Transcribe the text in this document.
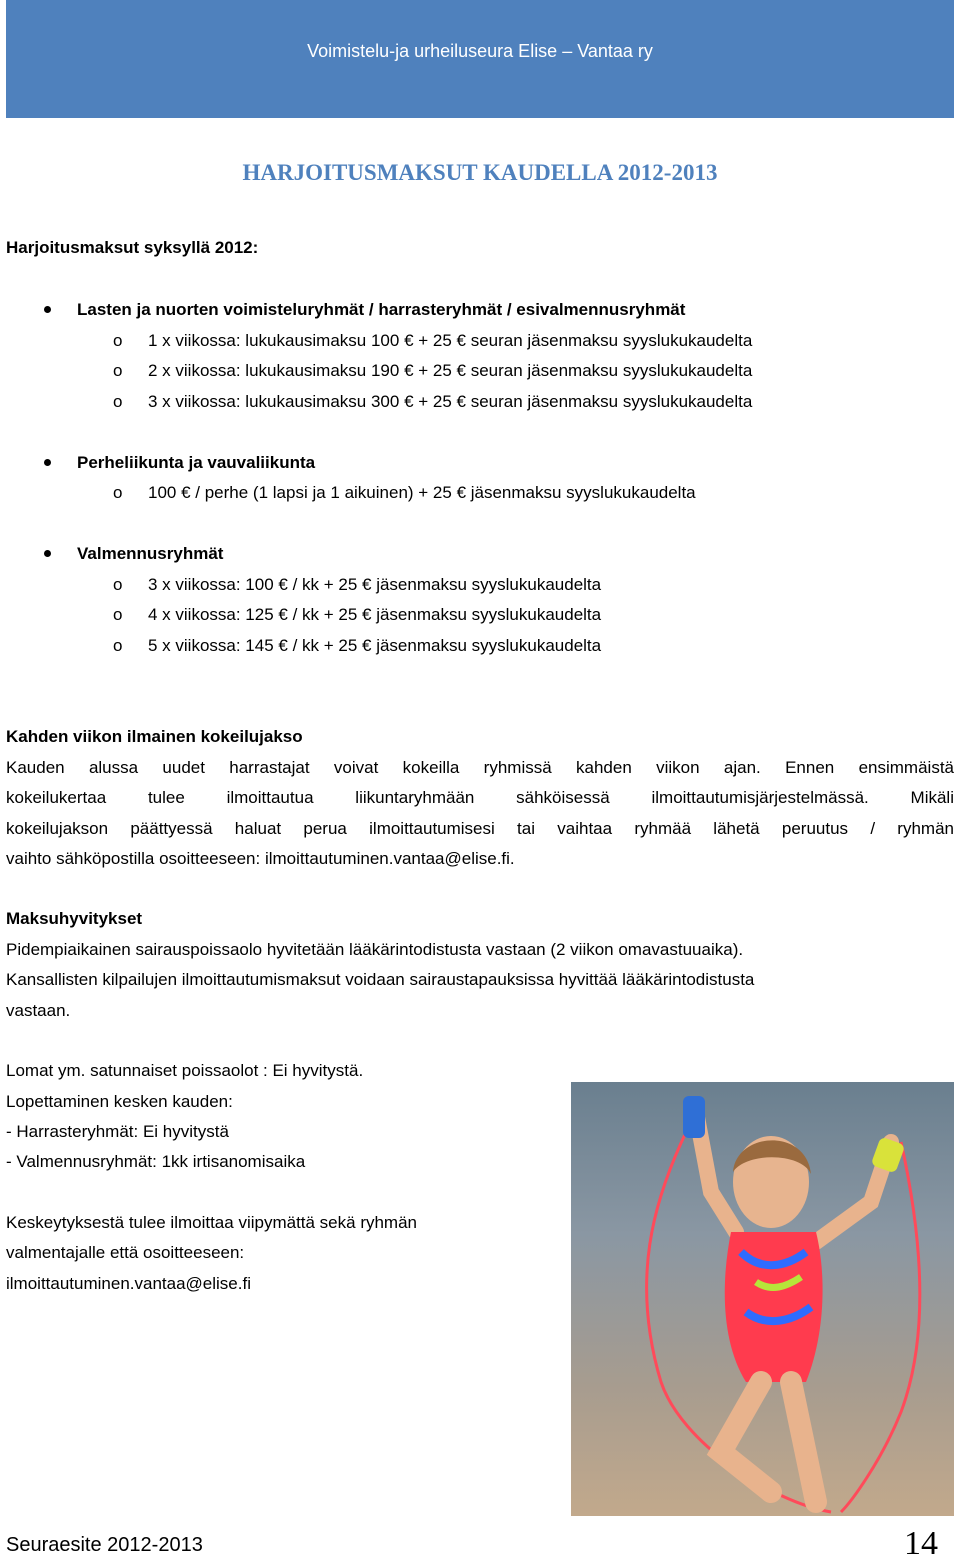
Voimistelu-ja urheiluseura Elise – Vantaa ry
HARJOITUSMAKSUT KAUDELLA 2012-2013
Harjoitusmaksut syksyllä 2012:
Lasten ja nuorten voimisteluryhmät / harrasteryhmät / esivalmennusryhmät
o 1 x viikossa: lukukausimaksu 100 € + 25 € seuran jäsenmaksu syyslukukaudelta
o 2 x viikossa: lukukausimaksu 190 € + 25 € seuran jäsenmaksu syyslukukaudelta
o 3 x viikossa: lukukausimaksu 300 € + 25 € seuran jäsenmaksu syyslukukaudelta
Perheliikunta ja vauvaliikunta
o 100 € / perhe (1 lapsi ja 1 aikuinen) + 25 € jäsenmaksu syyslukukaudelta
Valmennusryhmät
o 3 x viikossa: 100 € / kk + 25 € jäsenmaksu syyslukukaudelta
o 4 x viikossa: 125 € / kk + 25 € jäsenmaksu syyslukukaudelta
o 5 x viikossa: 145 € / kk + 25 € jäsenmaksu syyslukukaudelta
Kahden viikon ilmainen kokeilujakso
Kauden alussa uudet harrastajat voivat kokeilla ryhmissä kahden viikon ajan. Ennen ensimmäistä
kokeilukertaa tulee ilmoittautua liikuntaryhmään sähköisessä ilmoittautumisjärjestelmässä. Mikäli
kokeilujakson päättyessä haluat perua ilmoittautumisesi tai vaihtaa ryhmää lähetä peruutus / ryhmän
vaihto sähköpostilla osoitteeseen: ilmoittautuminen.vantaa@elise.fi.
Maksuhyvitykset
Pidempiaikainen sairauspoissaolo hyvitetään lääkärintodistusta vastaan (2 viikon omavastuuaika).
Kansallisten kilpailujen ilmoittautumismaksut voidaan sairaustapauksissa hyvittää lääkärintodistusta
vastaan.
Lomat ym. satunnaiset poissaolot : Ei hyvitystä.
Lopettaminen kesken kauden:
- Harrasteryhmät: Ei hyvitystä
- Valmennusryhmät: 1kk irtisanomisaika
Keskeytyksestä tulee ilmoittaa viipymättä sekä ryhmän
valmentajalle että osoitteeseen:
ilmoittautuminen.vantaa@elise.fi
Seuraesite 2012-2013	14
